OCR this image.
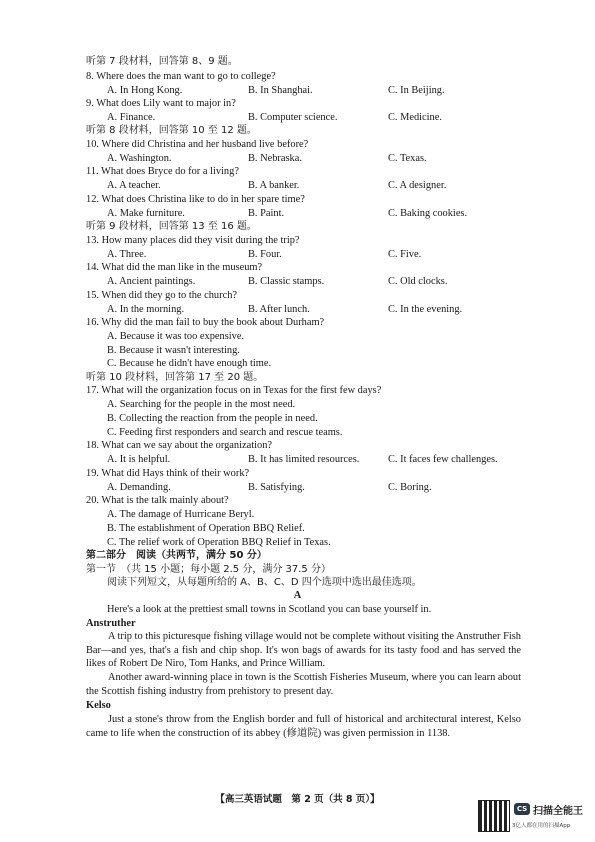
听第 7 段材料，回答第 8、9 题。
8. Where does the man want to go to college?
A. In Hong Kong.	B. In Shanghai.	C. In Beijing.
9. What does Lily want to major in?
A. Finance.	B. Computer science.	C. Medicine.
听第 8 段材料，回答第 10 至 12 题。
10. Where did Christina and her husband live before?
A. Washington.	B. Nebraska.	C. Texas.
11. What does Bryce do for a living?
A. A teacher.	B. A banker.	C. A designer.
12. What does Christina like to do in her spare time?
A. Make furniture.	B. Paint.	C. Baking cookies.
听第 9 段材料，回答第 13 至 16 题。
13. How many places did they visit during the trip?
A. Three.	B. Four.	C. Five.
14. What did the man like in the museum?
A. Ancient paintings.	B. Classic stamps.	C. Old clocks.
15. When did they go to the church?
A. In the morning.	B. After lunch.	C. In the evening.
16. Why did the man fail to buy the book about Durham?
A. Because it was too expensive.
B. Because it wasn't interesting.
C. Because he didn't have enough time.
听第 10 段材料，回答第 17 至 20 题。
17. What will the organization focus on in Texas for the first few days?
A. Searching for the people in the most need.
B. Collecting the reaction from the people in need.
C. Feeding first responders and search and rescue teams.
18. What can we say about the organization?
A. It is helpful.	B. It has limited resources.	C. It faces few challenges.
19. What did Hays think of their work?
A. Demanding.	B. Satisfying.	C. Boring.
20. What is the talk mainly about?
A. The damage of Hurricane Beryl.
B. The establishment of Operation BBQ Relief.
C. The relief work of Operation BBQ Relief in Texas.
第二部分　阅读（共两节，满分 50 分）
第一节　（共 15 小题；每小题 2.5 分，满分 37.5 分）
阅读下列短文，从每题所给的 A、B、C、D 四个选项中选出最佳选项。
A
Here's a look at the prettiest small towns in Scotland you can base yourself in.
Anstruther
A trip to this picturesque fishing village would not be complete without visiting the Anstruther Fish Bar—and yes, that's a fish and chip shop. It's won bags of awards for its tasty food and has served the likes of Robert De Niro, Tom Hanks, and Prince William.
Another award-winning place in town is the Scottish Fisheries Museum, where you can learn about the Scottish fishing industry from prehistory to present day.
Kelso
Just a stone's throw from the English border and full of historical and architectural interest, Kelso came to life when the construction of its abbey (修道院) was given permission in 1138.
【高三英语试题　第 2 页（共 8 页）】
CS 扫描全能王
3亿人都在用的扫描App
